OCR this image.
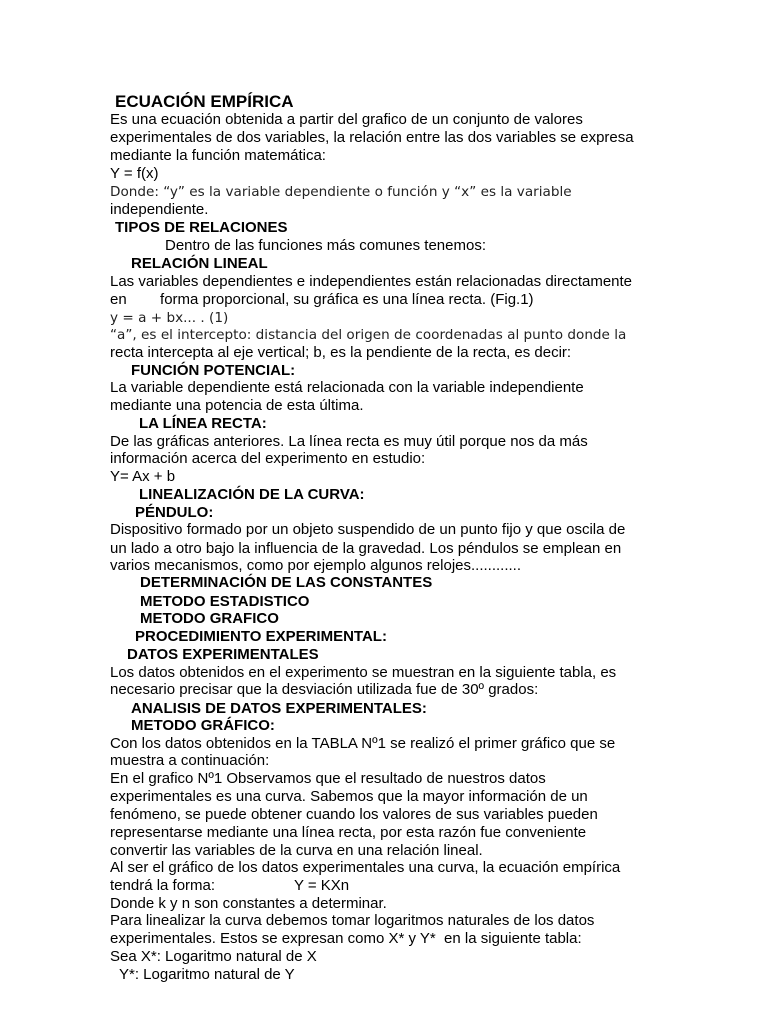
ECUACIÓN EMPÍRICA
Es una ecuación obtenida a partir del grafico de un conjunto de valores
experimentales de dos variables, la relación entre las dos variables se expresa
mediante la función matemática:
Y = f(x)
Donde: “y” es la variable dependiente o función y “x” es la variable
independiente.
TIPOS DE RELACIONES
Dentro de las funciones más comunes tenemos:
RELACIÓN LINEAL
Las variables dependientes e independientes están relacionadas directamente
en        forma proporcional, su gráfica es una línea recta. (Fig.1)
y = a + bx... . (1)
“a”, es el intercepto: distancia del origen de coordenadas al punto donde la
recta intercepta al eje vertical; b, es la pendiente de la recta, es decir:
FUNCIÓN POTENCIAL:
La variable dependiente está relacionada con la variable independiente
mediante una potencia de esta última.
LA LÍNEA RECTA:
De las gráficas anteriores. La línea recta es muy útil porque nos da más
información acerca del experimento en estudio:
Y= Ax + b
LINEALIZACIÓN DE LA CURVA:
PÉNDULO:
Dispositivo formado por un objeto suspendido de un punto fijo y que oscila de
un lado a otro bajo la influencia de la gravedad. Los péndulos se emplean en
varios mecanismos, como por ejemplo algunos relojes............
DETERMINACIÓN DE LAS CONSTANTES
METODO ESTADISTICO
METODO GRAFICO
PROCEDIMIENTO EXPERIMENTAL:
DATOS EXPERIMENTALES
Los datos obtenidos en el experimento se muestran en la siguiente tabla, es
necesario precisar que la desviación utilizada fue de 30º grados:
ANALISIS DE DATOS EXPERIMENTALES:
METODO GRÁFICO:
Con los datos obtenidos en la TABLA Nº1 se realizó el primer gráfico que se
muestra a continuación:
En el grafico Nº1 Observamos que el resultado de nuestros datos
experimentales es una curva. Sabemos que la mayor información de un
fenómeno, se puede obtener cuando los valores de sus variables pueden
representarse mediante una línea recta, por esta razón fue conveniente
convertir las variables de la curva en una relación lineal.
Al ser el gráfico de los datos experimentales una curva, la ecuación empírica
tendrá la forma:                   Y = KXn
Donde k y n son constantes a determinar.
Para linealizar la curva debemos tomar logaritmos naturales de los datos
experimentales. Estos se expresan como X* y Y*  en la siguiente tabla:
Sea X*: Logaritmo natural de X
Y*: Logaritmo natural de Y
